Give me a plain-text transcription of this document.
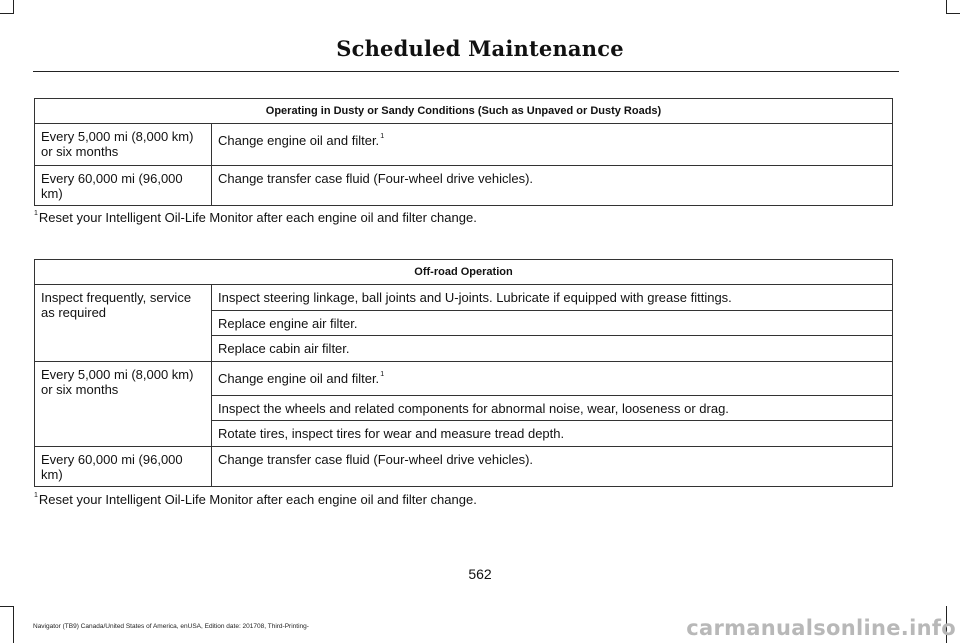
Scheduled Maintenance
Operating in Dusty or Sandy Conditions (Such as Unpaved or Dusty Roads)	
Every 5,000 mi (8,000 km) or six months	Change engine oil and filter.$^1$
Every 60,000 mi (96,000 km)	Change transfer case fluid (Four-wheel drive vehicles).
$^1$Reset your Intelligent Oil-Life Monitor after each engine oil and filter change.
Off-road Operation	
Inspect frequently, service as required	Inspect steering linkage, ball joints and U-joints. Lubricate if equipped with grease fittings.
	Replace engine air filter.
	Replace cabin air filter.
Every 5,000 mi (8,000 km) or six months	Change engine oil and filter.$^1$
	Inspect the wheels and related components for abnormal noise, wear, looseness or drag.
	Rotate tires, inspect tires for wear and measure tread depth.
Every 60,000 mi (96,000 km)	Change transfer case fluid (Four-wheel drive vehicles).
$^1$Reset your Intelligent Oil-Life Monitor after each engine oil and filter change.
562
Navigator (TB9) Canada/United States of America, enUSA, Edition date: 201708, Third-Printing-	carmanualsonline.info
